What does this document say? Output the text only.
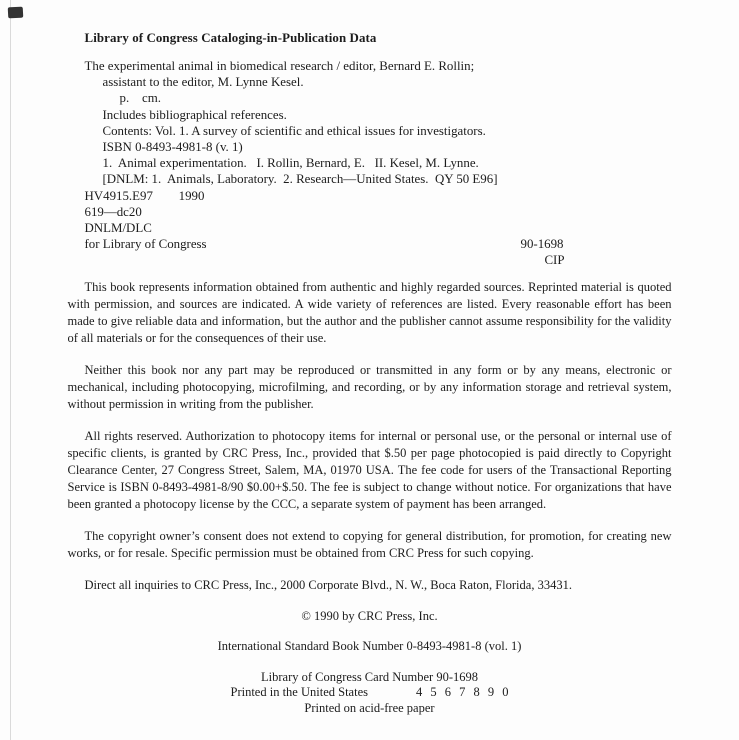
Library of Congress Cataloging-in-Publication Data
The experimental animal in biomedical research / editor, Bernard E. Rollin;
assistant to the editor, M. Lynne Kesel.
p.    cm.
Includes bibliographical references.
Contents: Vol. 1. A survey of scientific and ethical issues for investigators.
ISBN 0-8493-4981-8 (v. 1)
1.  Animal experimentation.   I. Rollin, Bernard, E.   II. Kesel, M. Lynne.
[DNLM: 1.  Animals, Laboratory.  2. Research—United States.  QY 50 E96]
HV4915.E97        1990
619—dc20
DNLM/DLC
for Library of Congress	90-1698
CIP

This book represents information obtained from authentic and highly regarded sources. Reprinted material is quoted with permission, and sources are indicated. A wide variety of references are listed. Every reasonable effort has been made to give reliable data and information, but the author and the publisher cannot assume responsibility for the validity of all materials or for the consequences of their use.

Neither this book nor any part may be reproduced or transmitted in any form or by any means, electronic or mechanical, including photocopying, microfilming, and recording, or by any information storage and retrieval system, without permission in writing from the publisher.

All rights reserved. Authorization to photocopy items for internal or personal use, or the personal or internal use of specific clients, is granted by CRC Press, Inc., provided that $.50 per page photocopied is paid directly to Copyright Clearance Center, 27 Congress Street, Salem, MA, 01970 USA. The fee code for users of the Transactional Reporting Service is ISBN 0-8493-4981-8/90 $0.00+$.50. The fee is subject to change without notice. For organizations that have been granted a photocopy license by the CCC, a separate system of payment has been arranged.

The copyright owner’s consent does not extend to copying for general distribution, for promotion, for creating new works, or for resale. Specific permission must be obtained from CRC Press for such copying.

Direct all inquiries to CRC Press, Inc., 2000 Corporate Blvd., N. W., Boca Raton, Florida, 33431.
© 1990 by CRC Press, Inc.
International Standard Book Number 0-8493-4981-8 (vol. 1)
Library of Congress Card Number 90-1698
Printed in the United States	4 5 6 7 8 9 0
Printed on acid-free paper
